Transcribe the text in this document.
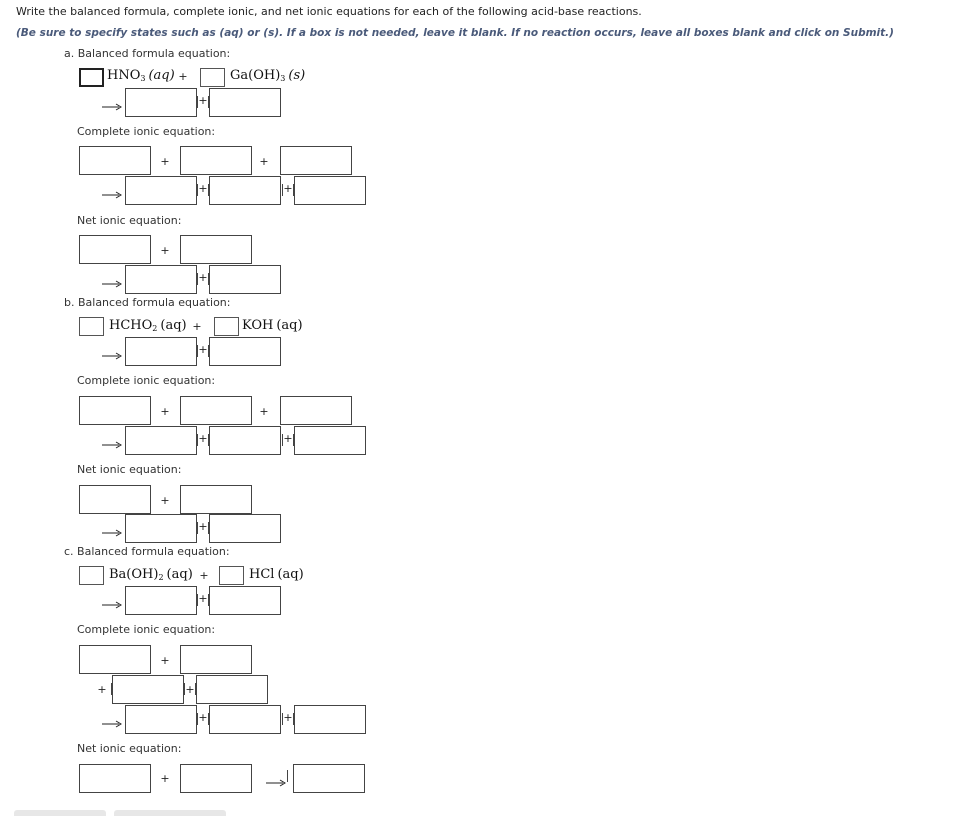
Write the balanced formula, complete ionic, and net ionic equations for each of the following acid-base reactions.
(Be sure to specify states such as (aq) or (s). If a box is not needed, leave it blank. If no reaction occurs, leave all boxes blank and click on Submit.)
a. Balanced formula equation:
$HNO_3$ (aq) +	$Ga(OH)_3$ (s)
+
Complete ionic equation:
+	+
+	+
Net ionic equation:
+
+
b. Balanced formula equation:
$HCHO_2$ (aq) +	KOH (aq)
+
Complete ionic equation:
+	+
+	+
Net ionic equation:
+
+
c. Balanced formula equation:
$Ba(OH)_2$ (aq) +	HCl (aq)
+
Complete ionic equation:
+
+	+
+	+
Net ionic equation:
+
